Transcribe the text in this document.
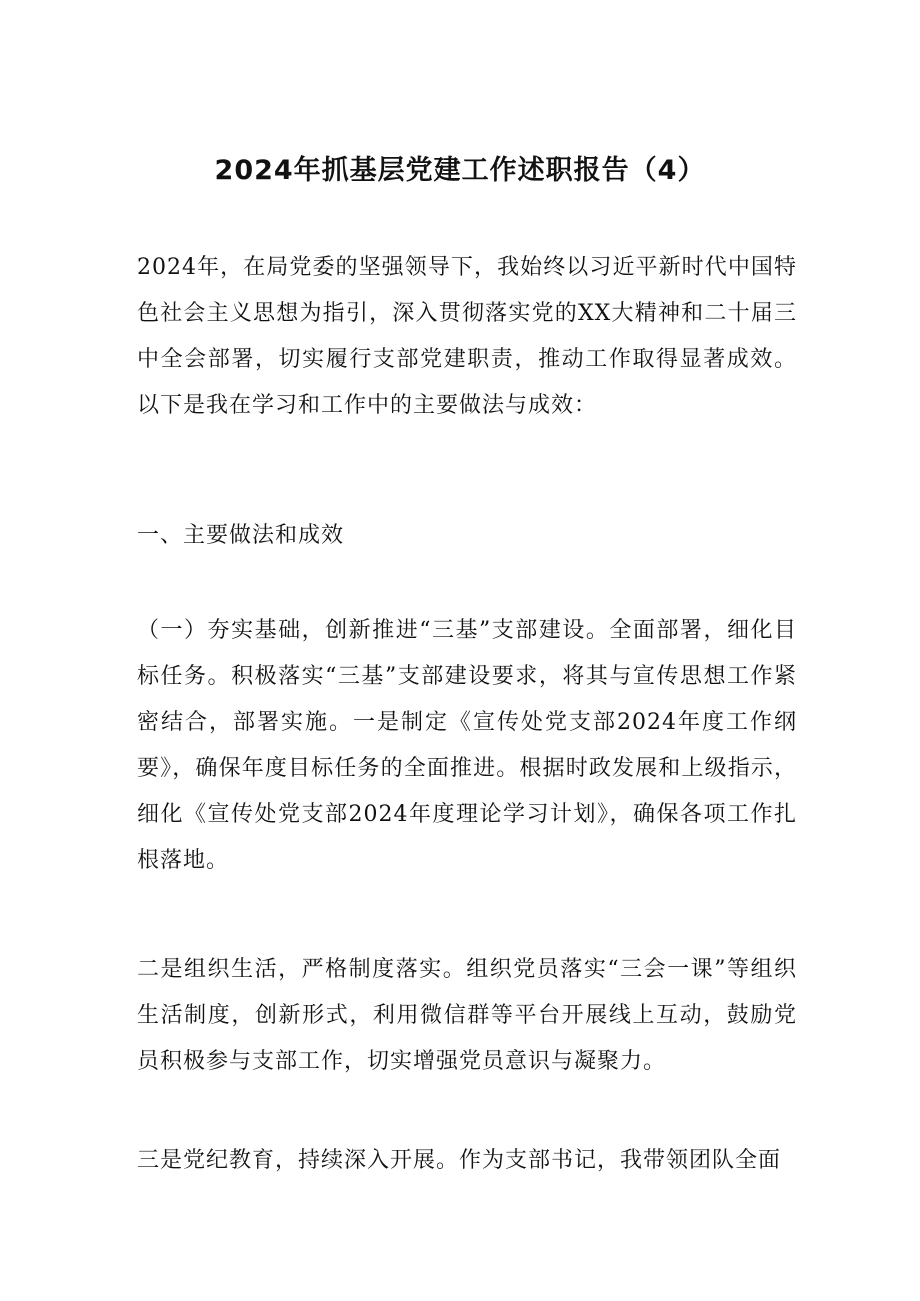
2024年抓基层党建工作述职报告（4）

2024年，在局党委的坚强领导下，我始终以习近平新时代中国特色社会主义思想为指引，深入贯彻落实党的XX大精神和二十届三中全会部署，切实履行支部党建职责，推动工作取得显著成效。以下是我在学习和工作中的主要做法与成效：

一、主要做法和成效

（一）夯实基础，创新推进“三基”支部建设。全面部署，细化目标任务。积极落实“三基”支部建设要求，将其与宣传思想工作紧密结合，部署实施。一是制定《宣传处党支部2024年度工作纲要》，确保年度目标任务的全面推进。根据时政发展和上级指示，细化《宣传处党支部2024年度理论学习计划》，确保各项工作扎根落地。

二是组织生活，严格制度落实。组织党员落实“三会一课”等组织生活制度，创新形式，利用微信群等平台开展线上互动，鼓励党员积极参与支部工作，切实增强党员意识与凝聚力。

三是党纪教育，持续深入开展。作为支部书记，我带领团队全面
